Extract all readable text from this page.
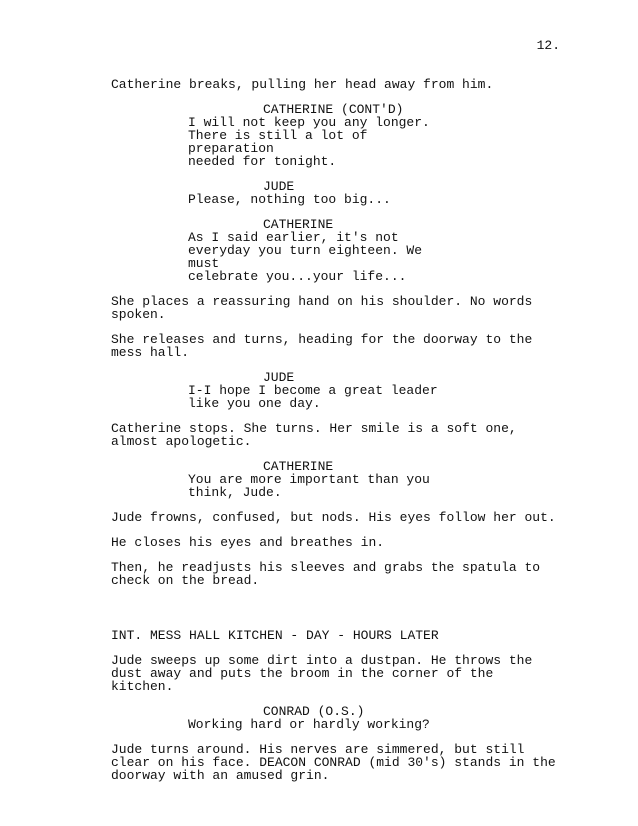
12.
Catherine breaks, pulling her head away from him.
CATHERINE (CONT'D)
I will not keep you any longer.
There is still a lot of preparation
needed for tonight.
JUDE
Please, nothing too big...
CATHERINE
As I said earlier, it's not
everyday you turn eighteen. We must
celebrate you...your life...
She places a reassuring hand on his shoulder. No words spoken.
She releases and turns, heading for the doorway to the mess hall.
JUDE
I-I hope I become a great leader
like you one day.
Catherine stops. She turns. Her smile is a soft one, almost apologetic.
CATHERINE
You are more important than you
think, Jude.
Jude frowns, confused, but nods. His eyes follow her out.
He closes his eyes and breathes in.
Then, he readjusts his sleeves and grabs the spatula to check on the bread.
INT. MESS HALL KITCHEN - DAY - HOURS LATER
Jude sweeps up some dirt into a dustpan. He throws the dust away and puts the broom in the corner of the kitchen.
CONRAD (O.S.)
Working hard or hardly working?
Jude turns around. His nerves are simmered, but still clear on his face. DEACON CONRAD (mid 30's) stands in the doorway with an amused grin.
